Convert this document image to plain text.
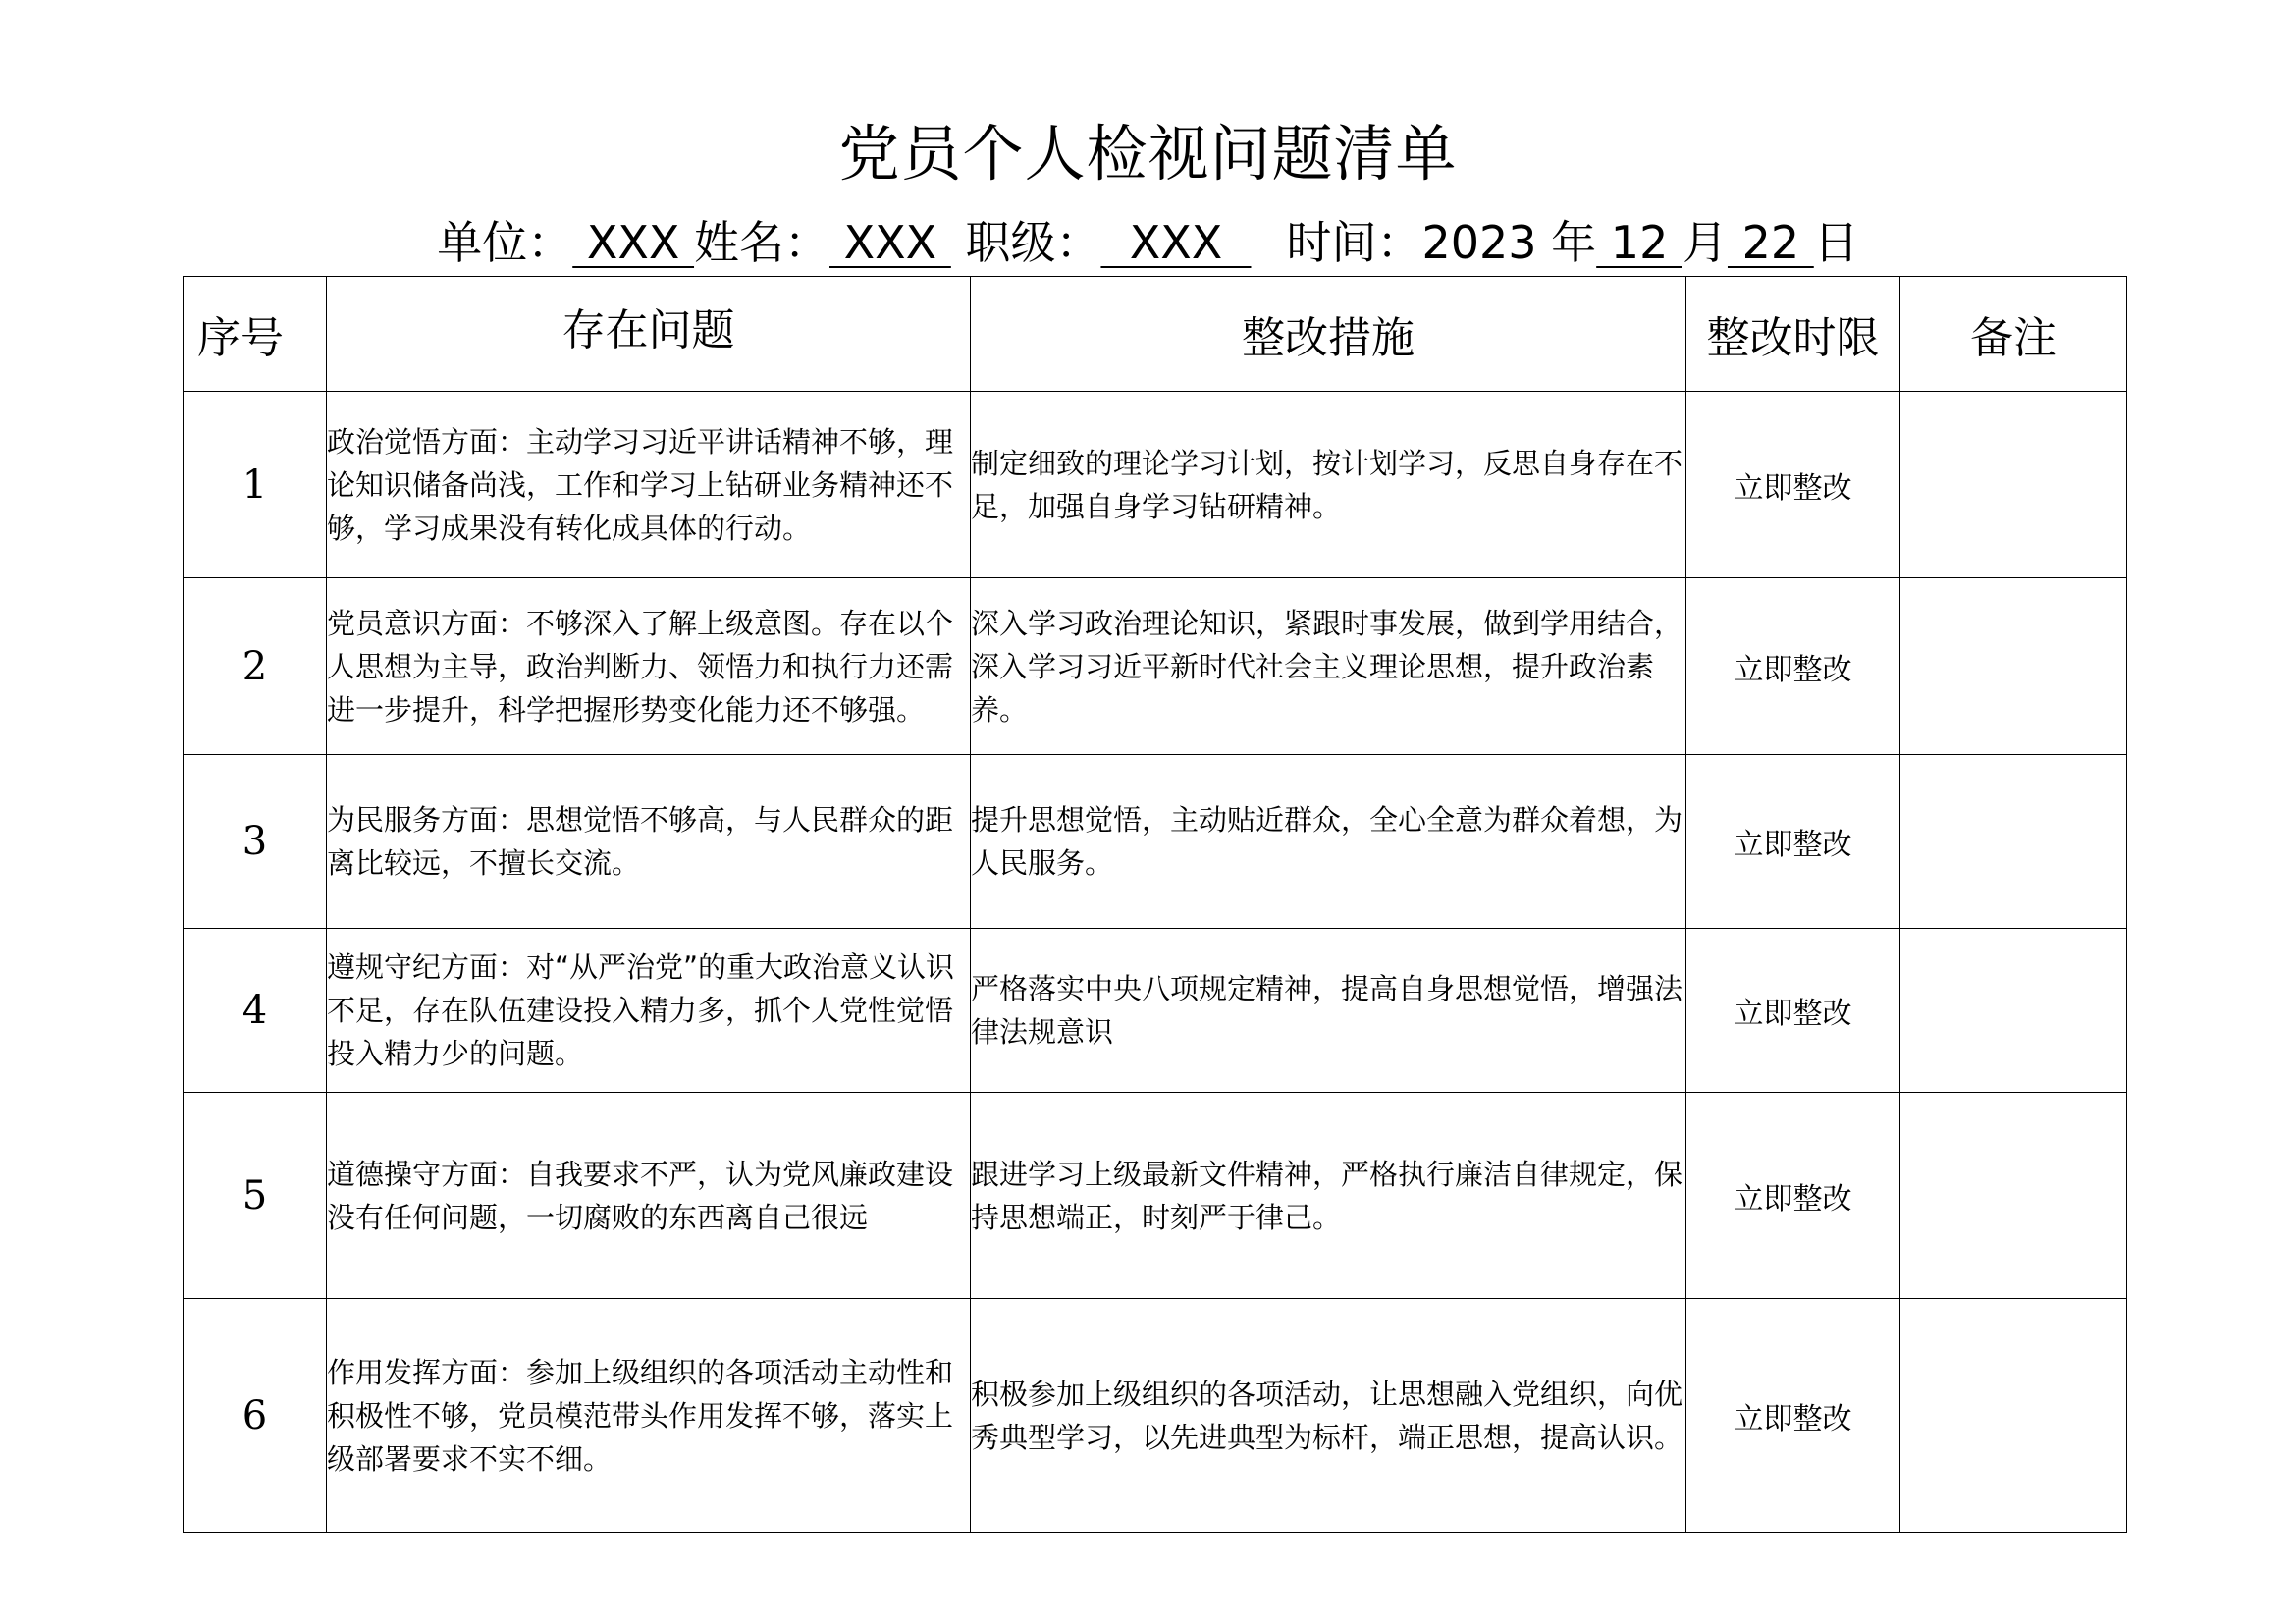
党员个人检视问题清单
单位： XXX 姓名： XXX  职级：  XXX  时间：2023 年 12 月 22 日
序号	存在问题	整改措施	整改时限	备注
1	政治觉悟方面：主动学习习近平讲话精神不够，理论知识储备尚浅，工作和学习上钻研业务精神还不够，学习成果没有转化成具体的行动。	制定细致的理论学习计划，按计划学习，反思自身存在不足，加强自身学习钻研精神。	立即整改	
2	党员意识方面：不够深入了解上级意图。存在以个人思想为主导，政治判断力、领悟力和执行力还需进一步提升，科学把握形势变化能力还不够强。	深入学习政治理论知识，紧跟时事发展，做到学用结合，深入学习习近平新时代社会主义理论思想，提升政治素养。	立即整改	
3	为民服务方面：思想觉悟不够高，与人民群众的距离比较远，不擅长交流。	提升思想觉悟，主动贴近群众，全心全意为群众着想，为人民服务。	立即整改	
4	遵规守纪方面：对“从严治党”的重大政治意义认识不足，存在队伍建设投入精力多，抓个人党性觉悟投入精力少的问题。	严格落实中央八项规定精神，提高自身思想觉悟，增强法律法规意识	立即整改	
5	道德操守方面：自我要求不严，认为党风廉政建设没有任何问题，一切腐败的东西离自己很远	跟进学习上级最新文件精神，严格执行廉洁自律规定，保持思想端正，时刻严于律己。	立即整改	
6	作用发挥方面：参加上级组织的各项活动主动性和积极性不够，党员模范带头作用发挥不够，落实上级部署要求不实不细。	积极参加上级组织的各项活动，让思想融入党组织，向优秀典型学习，以先进典型为标杆，端正思想，提高认识。	立即整改	
